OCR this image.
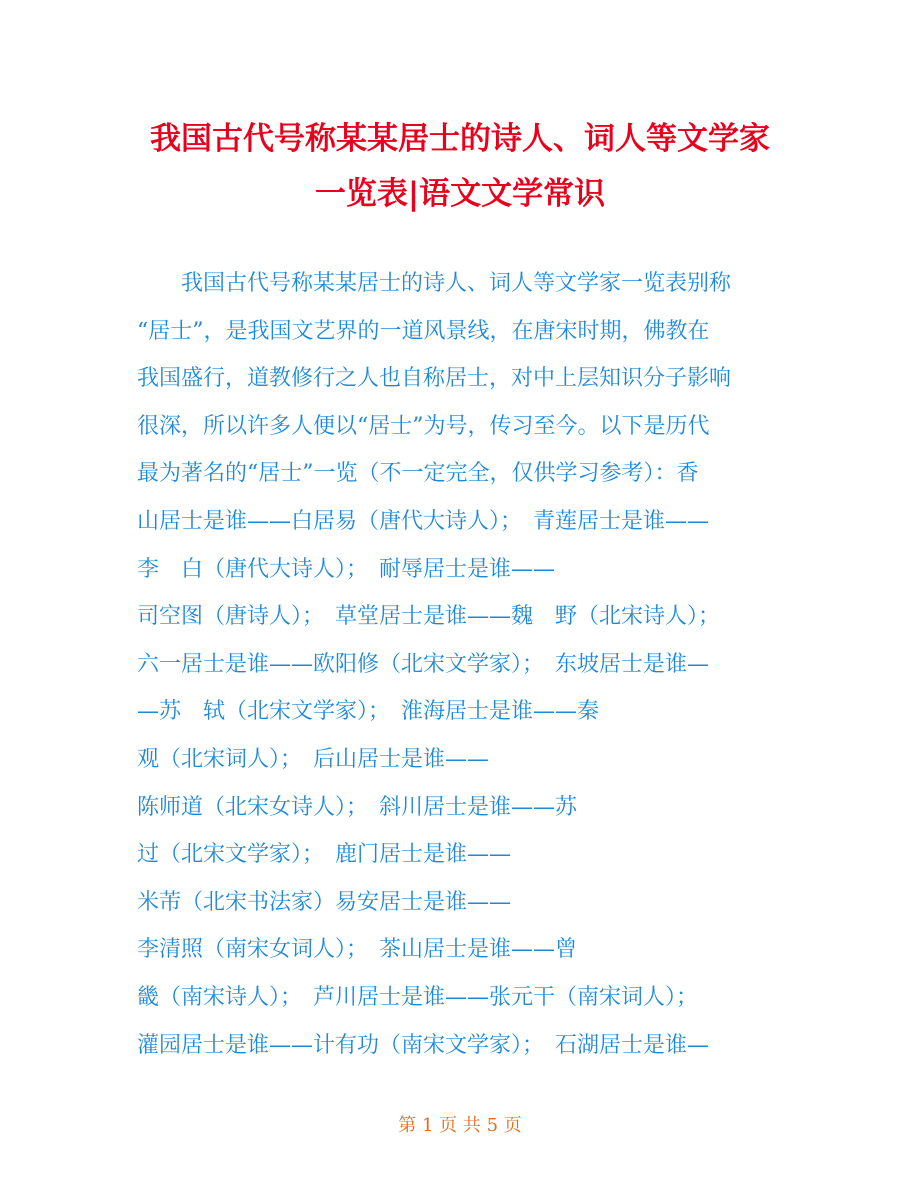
我国古代号称某某居士的诗人、词人等文学家
一览表|语文文学常识
　　我国古代号称某某居士的诗人、词人等文学家一览表别称
“居士”，是我国文艺界的一道风景线，在唐宋时期，佛教在
我国盛行，道教修行之人也自称居士，对中上层知识分子影响
很深，所以许多人便以“居士”为号，传习至今。以下是历代
最为著名的“居士”一览（不一定完全，仅供学习参考）：香
山居士是谁——白居易（唐代大诗人）；　青莲居士是谁——
李　白（唐代大诗人）；　耐辱居士是谁——
司空图（唐诗人）；　草堂居士是谁——魏　野（北宋诗人）；
六一居士是谁——欧阳修（北宋文学家）；　东坡居士是谁—
—苏　轼（北宋文学家）；　淮海居士是谁——秦
观（北宋词人）；　后山居士是谁——
陈师道（北宋女诗人）；　斜川居士是谁——苏
过（北宋文学家）；　鹿门居士是谁——
米芾（北宋书法家）易安居士是谁——
李清照（南宋女词人）；　茶山居士是谁——曾
畿（南宋诗人）；　芦川居士是谁——张元干（南宋词人）；
灌园居士是谁——计有功（南宋文学家）；　石湖居士是谁—
第 1 页 共 5 页
